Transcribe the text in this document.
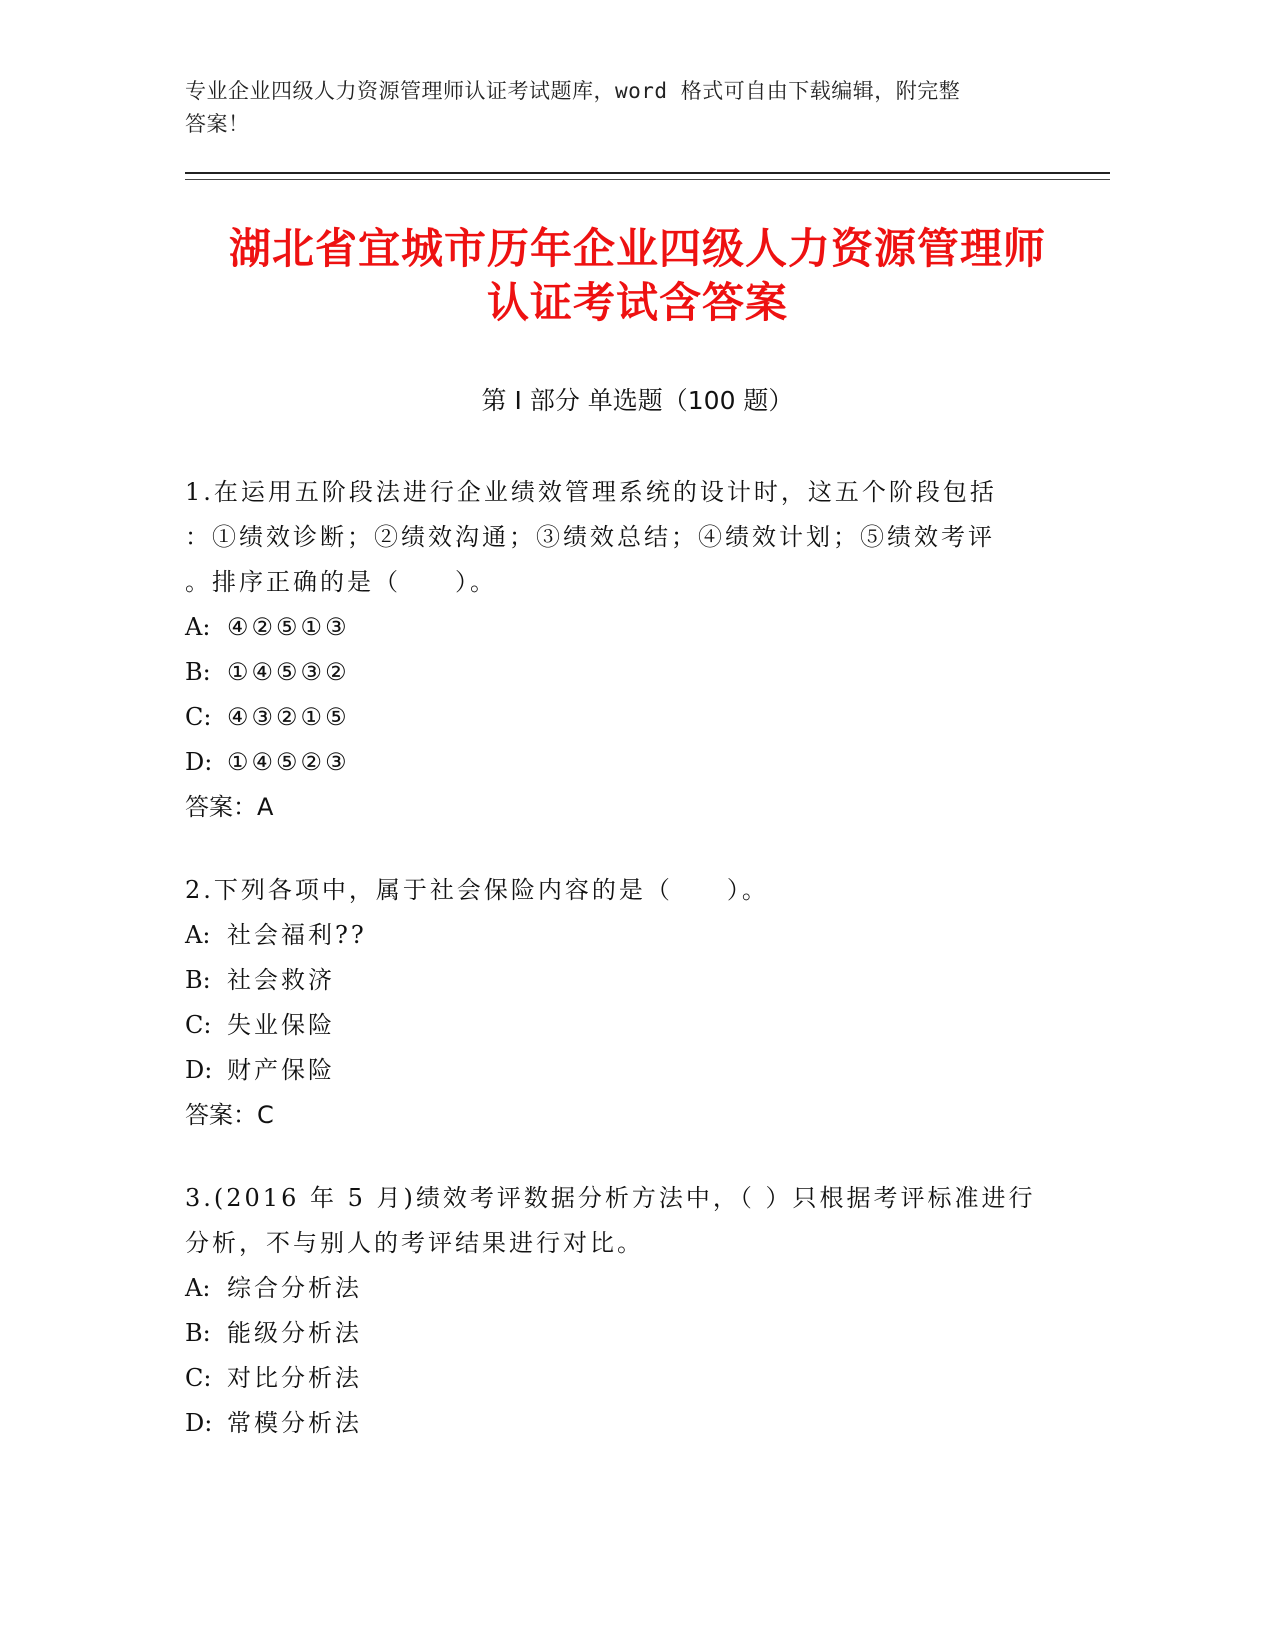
专业企业四级人力资源管理师认证考试题库，word 格式可自由下载编辑，附完整
答案！
湖北省宜城市历年企业四级人力资源管理师
认证考试含答案
第 I 部分 单选题（100 题）
1.在运用五阶段法进行企业绩效管理系统的设计时，这五个阶段包括
：①绩效诊断；②绩效沟通；③绩效总结；④绩效计划；⑤绩效考评
。排序正确的是（　　）。
A: ④②⑤①③
B: ①④⑤③②
C: ④③②①⑤
D: ①④⑤②③
答案：A
2.下列各项中，属于社会保险内容的是（　　）。
A: 社会福利??
B: 社会救济
C: 失业保险
D: 财产保险
答案：C
3.(2016 年 5 月)绩效考评数据分析方法中，（ ）只根据考评标准进行
分析，不与别人的考评结果进行对比。
A: 综合分析法
B: 能级分析法
C: 对比分析法
D: 常模分析法
